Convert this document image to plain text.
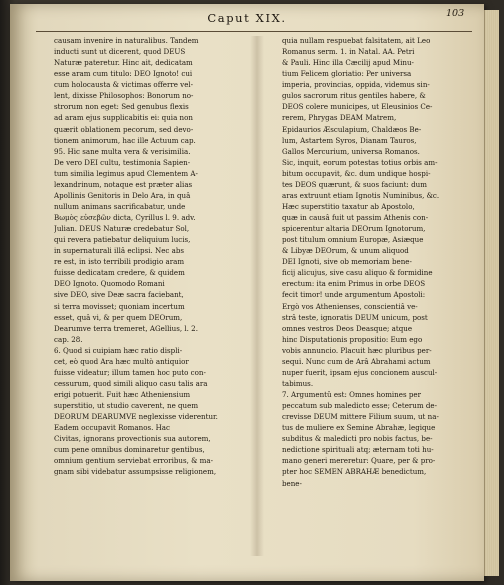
Caput XIX.	103
causam invenire in naturalibus. Tandem
inducti sunt ut dicerent, quod DEUS
Naturæ pateretur. Hinc ait, dedicatam
esse aram cum titulo: DEO Ignoto! cui
cum holocausta & victimas offerre vel-
lent, dixisse Philosophos: Bonorum no-
strorum non eget: Sed genubus flexis
ad aram ejus supplicabitis ei: quia non
quærit oblationem pecorum, sed devo-
tionem animorum, hac ille Actuum cap.
95. Hic sane multa vera & verisimilia.
De vero DEI cultu, testimonia Sapien-
tum similia legimus apud Clementem A-
lexandrinum, notaque est præter alias
Apollinis Genitoris in Delo Ara, in quâ
nullum animans sacrificabatur, unde
Βωμὸς εὐσεβῶν dicta, Cyrillus l. 9. adv.
Julian. DEUS Naturæ credebatur Sol,
qui revera patiebatur deliquium lucis,
in supernaturali illâ eclipsi. Nec abs
re est, in isto terribili prodigio aram
fuisse dedicatam credere, & quidem
DEO Ignoto. Quomodo Romani
sive DEO, sive Deæ sacra faciebant,
si terra movisset; quoniam incertum
esset, quâ vi, & per quem DEOrum,
Dearumve terra tremeret, AGellius, l. 2.
cap. 28.
6. Quod si cuipiam hæc ratio displi-
cet, eò quod Ara hæc multò antiquior
fuisse videatur; illum tamen hoc puto con-
cessurum, quod simili aliquo casu talis ara
erigi potuerit. Fuit hæc Atheniensium
superstitio, ut studio caverent, ne quem
DEORUM DEARUMVE neglexisse viderentur.
Eadem occupavit Romanos. Hac
Civitas, ignorans provectionis sua autorem,
cum pene omnibus dominaretur gentibus,
omnium gentium serviebat erroribus, & ma-
gnam sibi videbatur assumpsisse religionem,
quia nullam respuebat falsitatem, ait Leo
Romanus serm. 1. in Natal. AA. Petri
& Pauli. Hinc illa Cæcilij apud Minu-
tium Felicem gloriatio: Per universa
imperia, provincias, oppida, videmus sin-
gulos sacrorum ritus gentiles habere, &
DEOS colere municipes, ut Eleusinios Ce-
rerem, Phrygas DEAM Matrem,
Epidaurios Æsculapium, Chaldæos Be-
lum, Astartem Syros, Dianam Tauros,
Gallos Mercurium, universa Romanos.
Sic, inquit, eorum potestas totius orbis am-
bitum occupavit, &c. dum undique hospi-
tes DEOS quærunt, & suos faciunt: dum
aras extruunt etiam Ignotis Numinibus, &c.
Hæc superstitio taxatur ab Apostolo,
quæ in causâ fuit ut passim Athenis con-
spicerentur altaria DEOrum Ignotorum,
post titulum omnium Europæ, Asiæque
& Libyæ DEOrum, & unum aliquod
DEI Ignoti, sive ob memoriam bene-
ficij alicujus, sive casu aliquo & formidine
erectum: ita enim Primus in orbe DEOS
fecit timor! unde argumentum Apostoli:
Ergò vos Athenienses, conscientiâ ve-
strâ teste, ignoratis DEUM unicum, post
omnes vestros Deos Deasque; atque
hinc Disputationis propositio: Eum ego
vobis annuncio. Placuit hæc pluribus per-
sequi. Nunc cum de Arâ Abrahami actum
nuper fuerit, ipsam ejus concionem auscul-
tabimus.
7. Argumentû est: Omnes homines per
peccatum sub maledicto esse; Ceterum de-
crevisse DEUM mittere Filium suum, ut na-
tus de muliere ex Semine Abrahæ, legique
subditus & maledicti pro nobis factus, be-
nedictione spirituali atq; æternam toti hu-
mano generi mereretur: Quare, per & pro-
pter hoc SEMEN ABRAHÆ benedictum,
bene-
